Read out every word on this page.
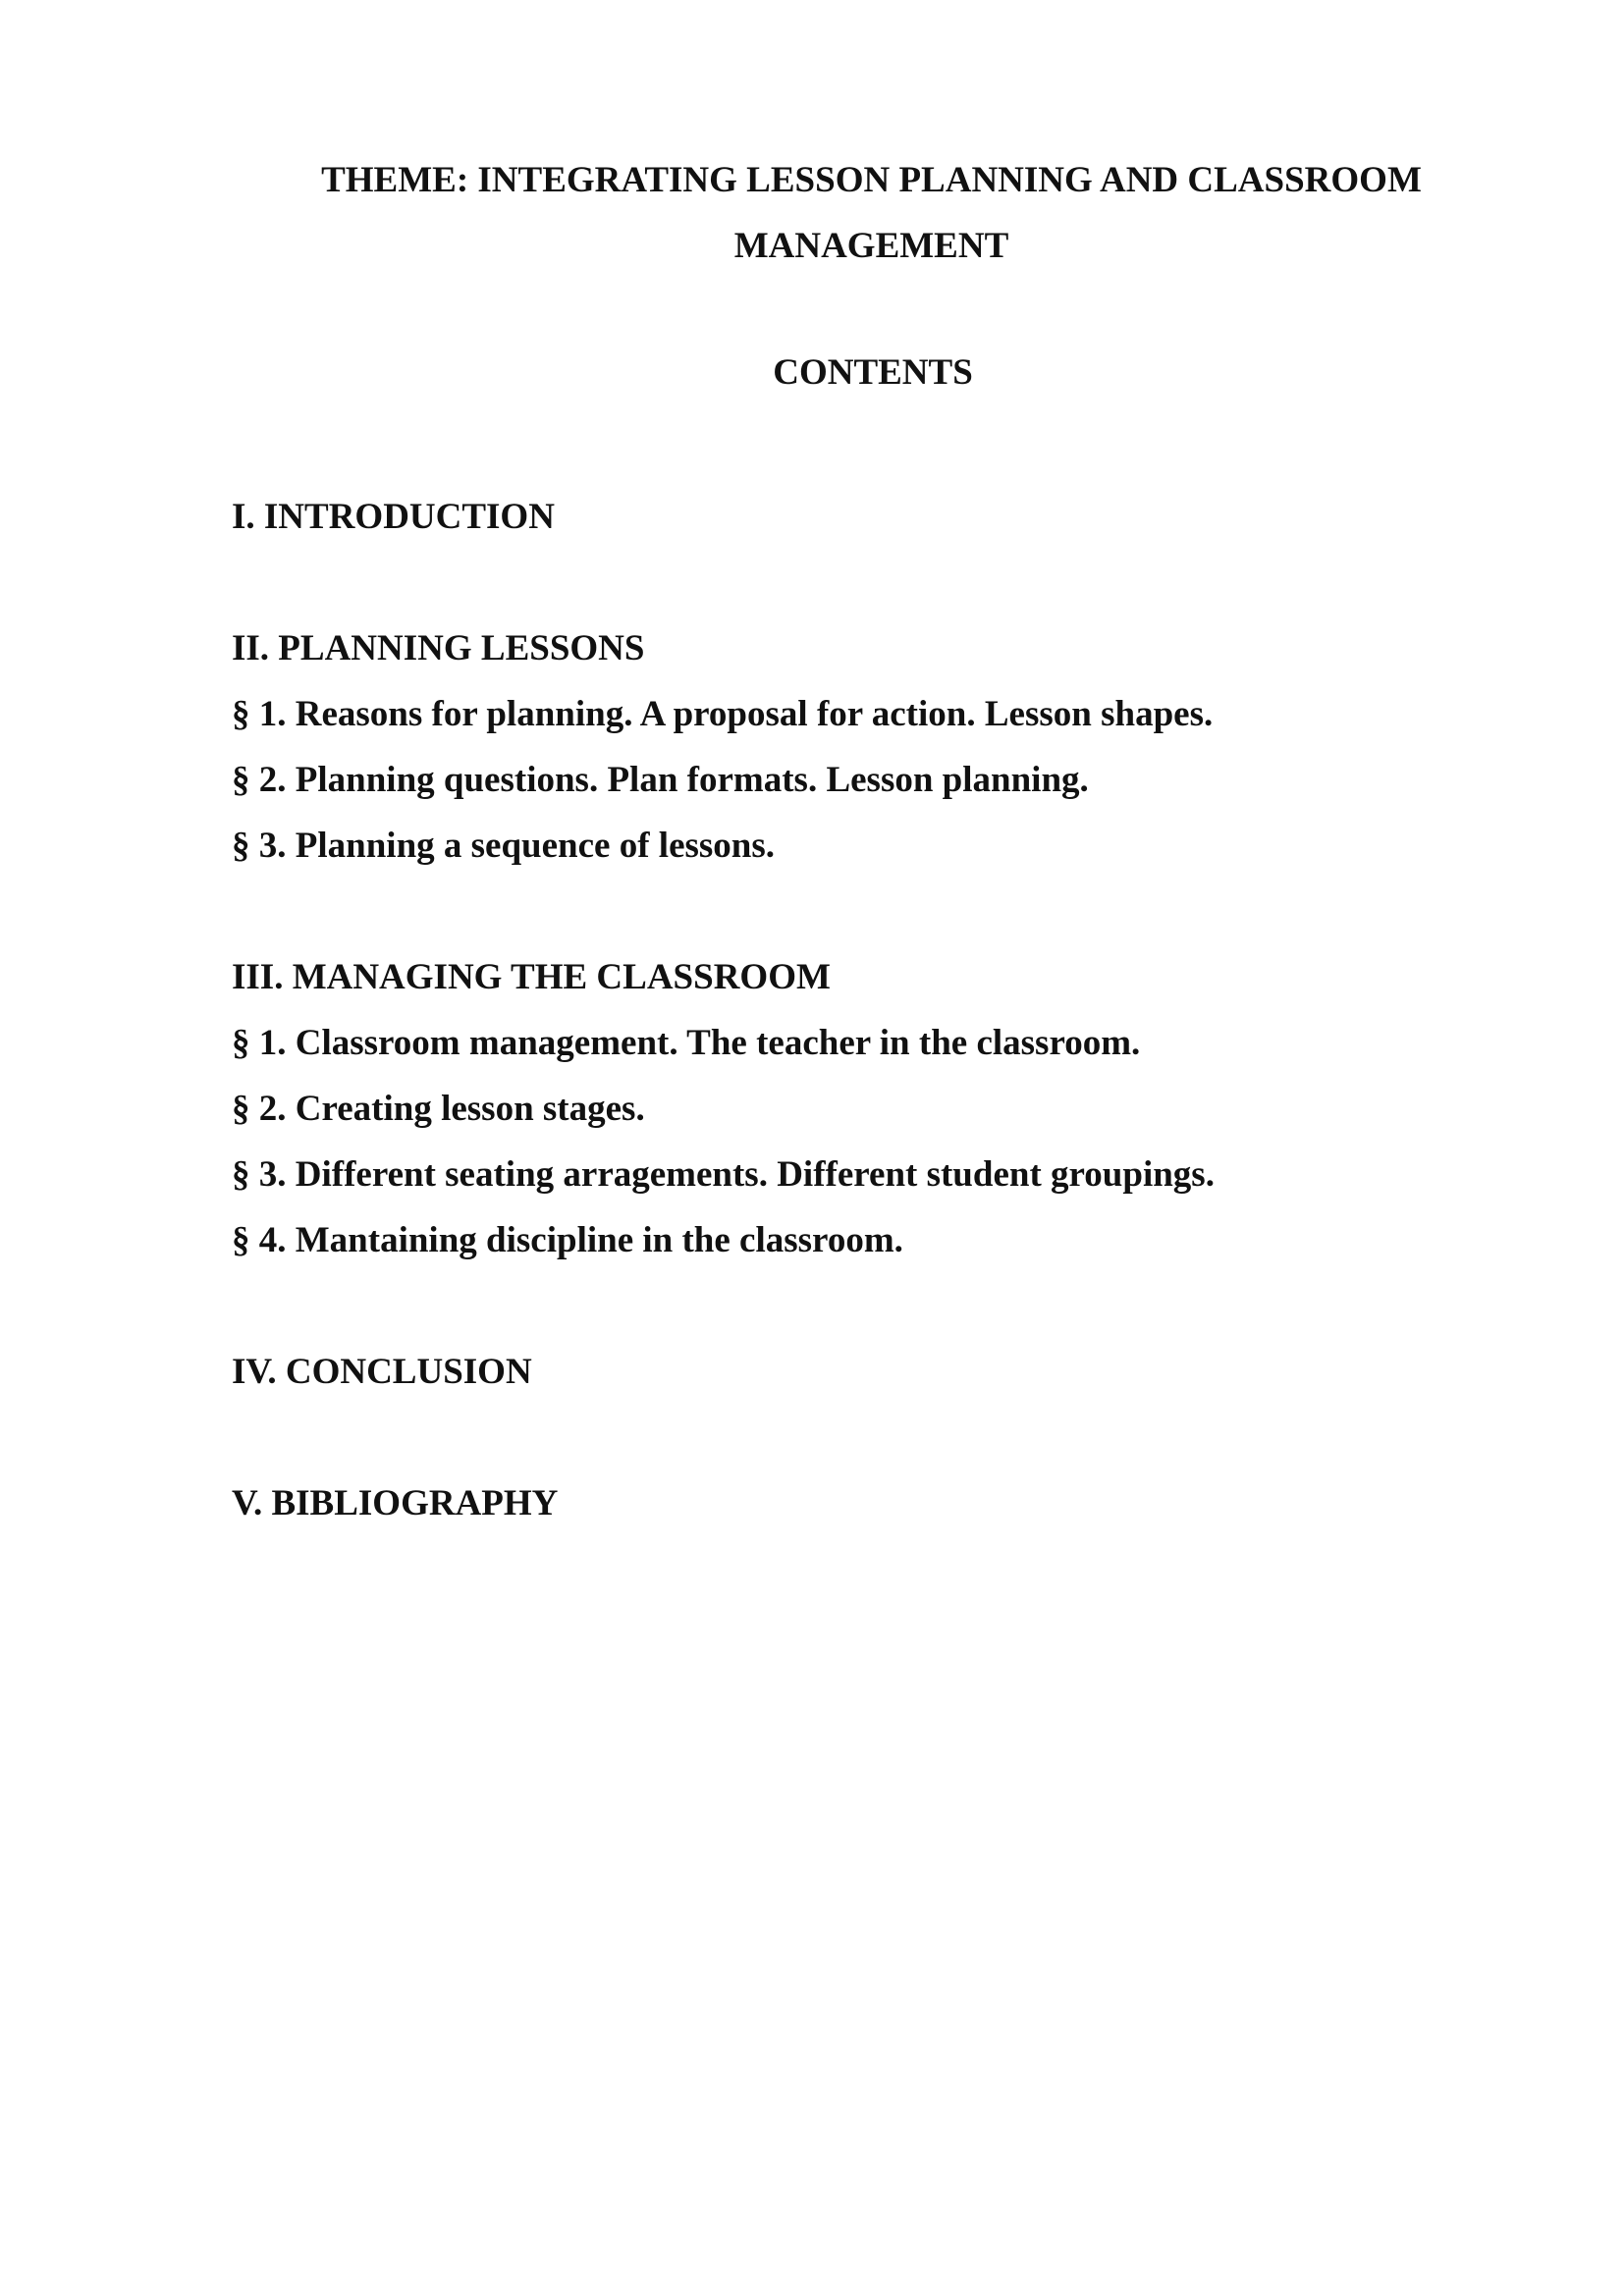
THEME: INTEGRATING LESSON PLANNING AND CLASSROOM MANAGEMENT
CONTENTS
I. INTRODUCTION
II. PLANNING LESSONS
§ 1. Reasons for planning. A proposal for action. Lesson shapes.
§ 2. Planning questions. Plan formats. Lesson planning.
§ 3. Planning a sequence of lessons.
III. MANAGING THE CLASSROOM
§ 1. Classroom management. The teacher in the classroom.
§ 2. Creating lesson stages.
§ 3. Different seating arragements. Different student groupings.
§ 4. Mantaining discipline in the classroom.
IV. CONCLUSION
V. BIBLIOGRAPHY
